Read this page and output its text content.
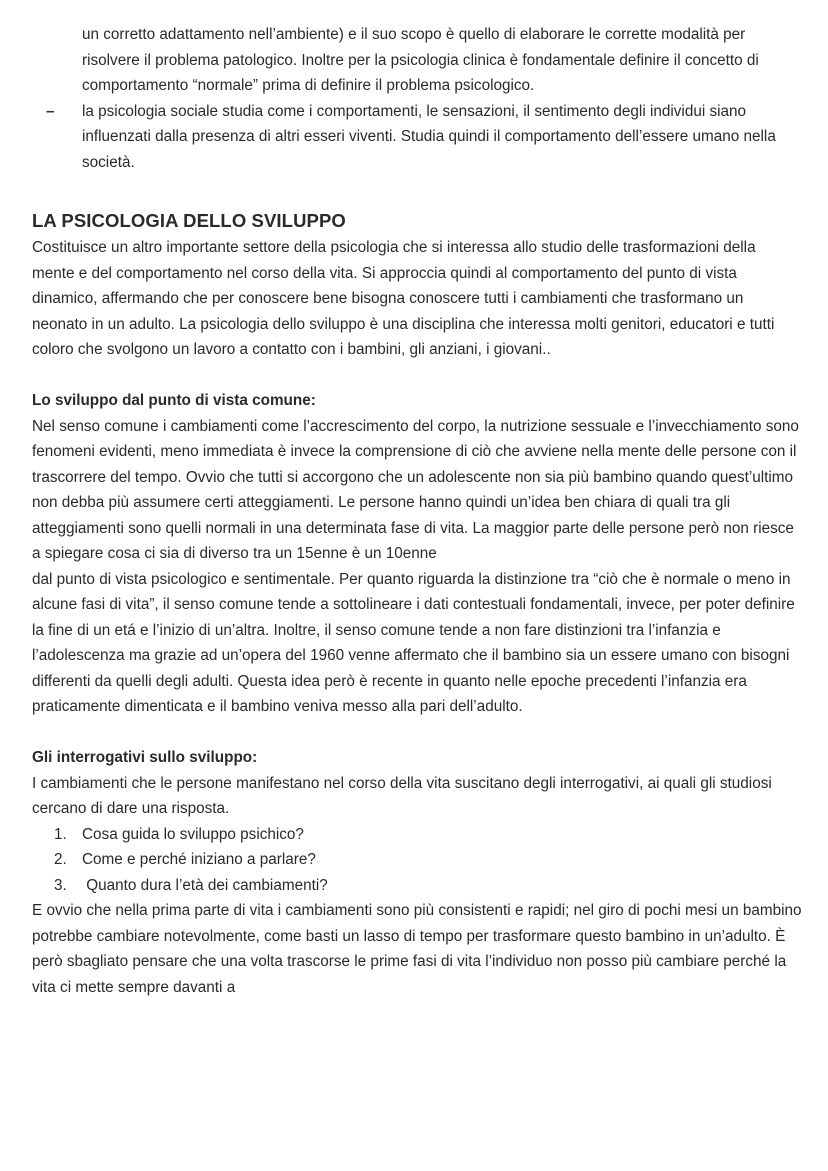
un corretto adattamento nell’ambiente) e il suo scopo è quello di elaborare le corrette modalità per risolvere il problema patologico. Inoltre per la psicologia clinica è fondamentale definire il concetto di comportamento “normale” prima di definire il problema psicologico.

–	la psicologia sociale studia come i comportamenti, le sensazioni, il sentimento degli individui siano influenzati dalla presenza di altri esseri viventi. Studia quindi il comportamento dell’essere umano nella società.

LA PSICOLOGIA DELLO SVILUPPO

Costituisce un altro importante settore della psicologia che si interessa allo studio delle trasformazioni della mente e del comportamento nel corso della vita. Si approccia quindi al comportamento del punto di vista dinamico, affermando che per conoscere bene bisogna conoscere tutti i cambiamenti che trasformano un neonato in un adulto. La psicologia dello sviluppo è una disciplina che interessa molti genitori, educatori e tutti coloro che svolgono un lavoro a contatto con i bambini, gli anziani, i giovani..

Lo sviluppo dal punto di vista comune:

Nel senso comune i cambiamenti come l’accrescimento del corpo, la nutrizione sessuale e l’invecchiamento sono fenomeni evidenti, meno immediata è invece la comprensione di ciò che avviene nella mente delle persone con il trascorrere del tempo. Ovvio che tutti si accorgono che un adolescente non sia più bambino quando quest’ultimo non debba più assumere certi atteggiamenti. Le persone hanno quindi un’idea ben chiara di quali tra gli atteggiamenti sono quelli normali in una determinata fase di vita. La maggior parte delle persone però non riesce a spiegare cosa ci sia di diverso tra un 15enne è un 10enne

dal punto di vista psicologico e sentimentale. Per quanto riguarda la distinzione tra “ciò che è normale o meno in alcune fasi di vita”, il senso comune tende a sottolineare i dati contestuali fondamentali, invece, per poter definire la fine di un etá e l’inizio di un’altra. Inoltre, il senso comune tende a non fare distinzioni tra l’infanzia e l’adolescenza ma grazie ad un’opera del 1960 venne affermato che il bambino sia un essere umano con bisogni differenti da quelli degli adulti. Questa idea però è recente in quanto nelle epoche precedenti l’infanzia era praticamente dimenticata e il bambino veniva messo alla pari dell’adulto.

Gli interrogativi sullo sviluppo:

I cambiamenti che le persone manifestano nel corso della vita suscitano degli interrogativi, ai quali gli studiosi cercano di dare una risposta.

1. Cosa guida lo sviluppo psichico?
2. Come e perché iniziano a parlare?
3. Quanto dura l’età dei cambiamenti?

E ovvio che nella prima parte di vita i cambiamenti sono più consistenti e rapidi; nel giro di pochi mesi un bambino potrebbe cambiare notevolmente, come basti un lasso di tempo per trasformare questo bambino in un’adulto. È però sbagliato pensare che una volta trascorse le prime fasi di vita l’individuo non posso più cambiare perché la vita ci mette sempre davanti a
